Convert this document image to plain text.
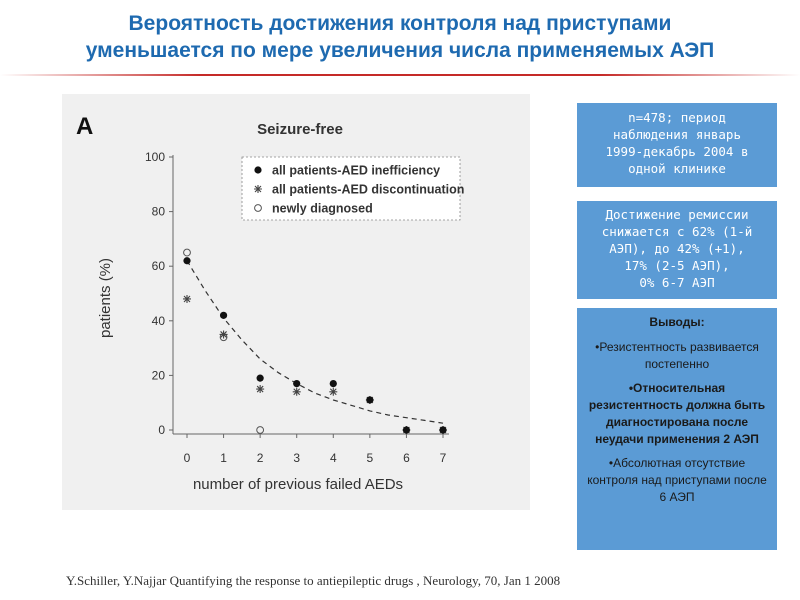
Вероятность достижения контроля над приступами
уменьшается по мере увеличения числа применяемых АЭП
A	Seizure-free
patients (%)
number of previous failed AEDs
0
20
40
60
80
100
0 1 2 3 4 5 6 7
all patients-AED inefficiency
all patients-AED discontinuation
newly diagnosed
n=478; период
наблюдения январь
1999-декабрь 2004 в
одной клинике
Достижение ремиссии
снижается с 62% (1-й
АЭП), до 42% (+1),
17% (2-5 АЭП),
0% 6-7 АЭП
Выводы:
•Резистентность развивается постепенно
•Относительная резистентность должна быть диагностирована после неудачи применения 2 АЭП
•Абсолютная отсутствие контроля над приступами после 6 АЭП
Y.Schiller, Y.Najjar Quantifying the response to antiepileptic drugs , Neurology, 70, Jan 1 2008
